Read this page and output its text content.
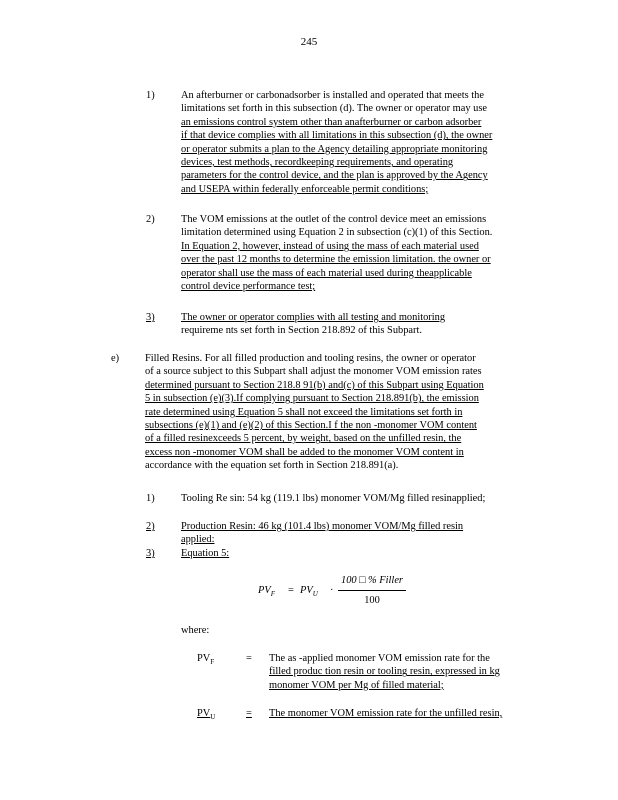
245
1)	An afterburner or carbonadsorber is installed and operated that meets the
limitations set forth in this subsection (d). The owner or operator may use
an emissions control system other than anafterburner or carbon adsorber
if that device complies with all limitations in this subsection (d), the owner
or operator submits a plan to the Agency detailing appropriate monitoring
devices, test methods, recordkeeping requirements, and operating
parameters for the control device, and the plan is approved by the Agency
and USEPA within federally enforceable permit conditions;
2)	The VOM emissions at the outlet of the control device meet an emissions
limitation determined using Equation 2 in subsection (c)(1) of this Section.
In Equation 2, however, instead of using the mass of each material used
over the past 12 months to determine the emission limitation. the owner or
operator shall use the mass of each material used during theapplicable
control device performance test;
3)	The owner or operator complies with all testing and monitoring
requireme nts set forth in Section 218.892 of this Subpart.
e) Filled Resins. For all filled production and tooling resins, the owner or operator
of a source subject to this Subpart shall adjust the monomer VOM emission rates
determined pursuant to Section 218.8 91(b) and(c) of this Subpart using Equation
5 in subsection (e)(3).If complying pursuant to Section 218.891(b), the emission
rate determined using Equation 5 shall not exceed the limitations set forth in
subsections (e)(1) and (e)(2) of this Section.I f the non -monomer VOM content
of a filled resinexceeds 5 percent, by weight, based on the unfilled resin, the
excess non -monomer VOM shall be added to the monomer VOM content in
accordance with the equation set forth in Section 218.891(a).
1)	Tooling Re sin: 54 kg (119.1 lbs) monomer VOM/Mg filled resinapplied;
2)	Production Resin: 46 kg (101.4 lbs) monomer VOM/Mg filled resin
applied:
3)	Equation 5:
$PV_F = PV_U$ ·
100 □ % Filler
100
where:
$PV_F$	= The as -applied monomer VOM emission rate for the
filled produc tion resin or tooling resin, expressed in kg
monomer VOM per Mg of filled material;
$PV_U$	= The monomer VOM emission rate for the unfilled resin,
